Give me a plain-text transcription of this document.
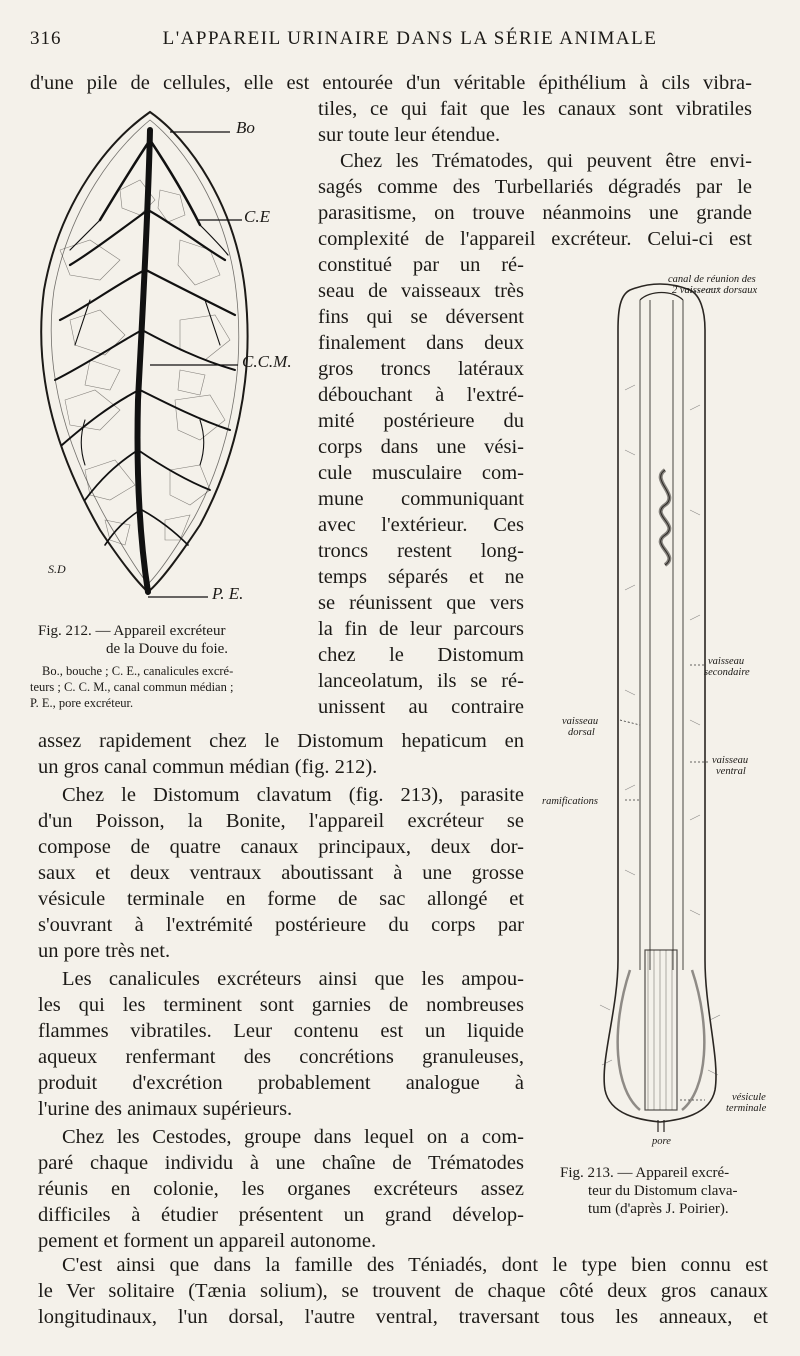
L'APPAREIL URINAIRE DANS LA SÉRIE ANIMALE
316
d'une pile de cellules, elle est entourée d'un véritable épithélium à cils vibra-
tiles, ce qui fait que les canaux sont vibratiles
sur toute leur étendue.
Chez les Trématodes, qui peuvent être envi-
sagés comme des Turbellariés dégradés par le
parasitisme, on trouve néanmoins une grande
complexité de l'appareil excréteur. Celui-ci est
constitué par un ré-
seau de vaisseaux très
fins qui se déversent
finalement dans deux
gros troncs latéraux
débouchant à l'extré-
mité postérieure du
corps dans une vési-
cule musculaire com-
mune communiquant
avec l'extérieur. Ces
troncs restent long-
temps séparés et ne
se réunissent que vers
la fin de leur parcours
chez le Distomum
lanceolatum, ils se ré-
unissent au contraire
assez rapidement chez le Distomum hepaticum en
un gros canal commun médian (fig. 212).
Chez le Distomum clavatum (fig. 213), parasite
d'un Poisson, la Bonite, l'appareil excréteur se
compose de quatre canaux principaux, deux dor-
saux et deux ventraux aboutissant à une grosse
vésicule terminale en forme de sac allongé et
s'ouvrant à l'extrémité postérieure du corps par
un pore très net.
Les canalicules excréteurs ainsi que les ampou-
les qui les terminent sont garnies de nombreuses
flammes vibratiles. Leur contenu est un liquide
aqueux renfermant des concrétions granuleuses,
produit d'excrétion probablement analogue à
l'urine des animaux supérieurs.
Chez les Cestodes, groupe dans lequel on a com-
paré chaque individu à une chaîne de Trématodes
réunis en colonie, les organes excréteurs assez
difficiles à étudier présentent un grand dévelop-
pement et forment un appareil autonome.
C'est ainsi que dans la famille des Téniadés, dont le type bien connu est
le Ver solitaire (Tænia solium), se trouvent de chaque côté deux gros canaux
longitudinaux, l'un dorsal, l'autre ventral, traversant tous les anneaux, et
Bo
C.E
C.C.M.
P. E.
S.D
Fig. 212. — Appareil excréteur
de la Douve du foie.
Bo., bouche ; C. E., canalicules excré-
teurs ; C. C. M., canal commun médian ;
P. E., pore excréteur.
canal de réunion des
2 vaisseaux dorsaux
vaisseau
secondaire
vaisseau
dorsal
vaisseau
ventral
ramifications
vésicule
terminale
pore
Fig. 213. — Appareil excré-
teur du Distomum clava-
tum (d'après J. Poirier).
